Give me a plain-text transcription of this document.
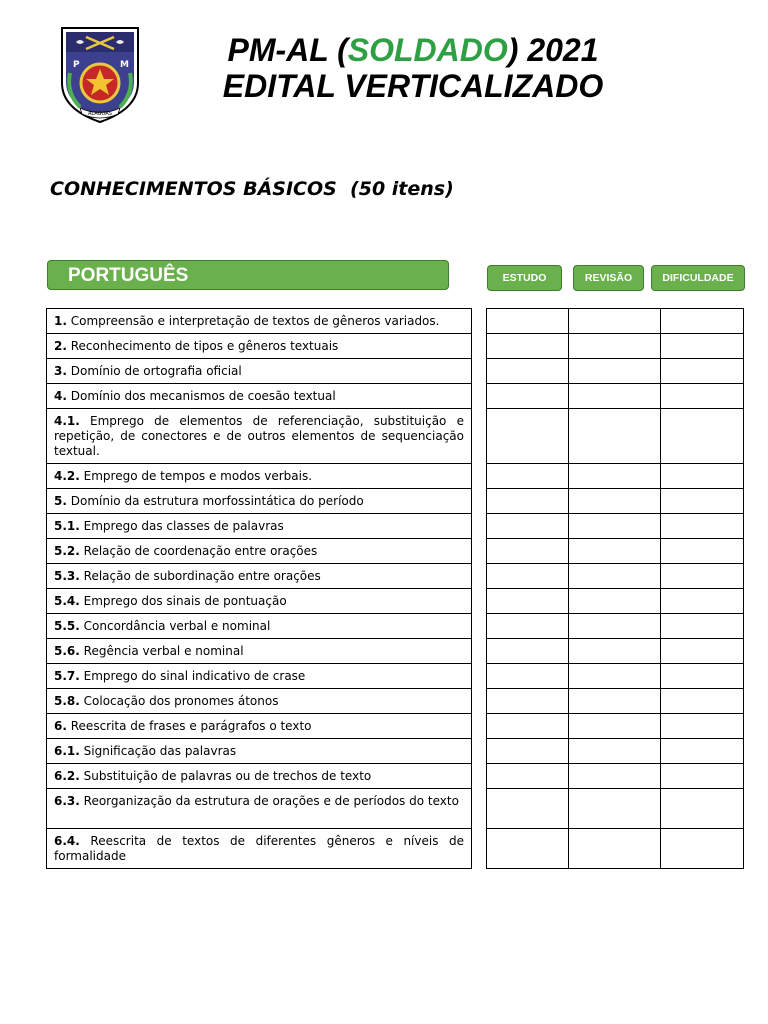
P	M
ALAGOAS
PM-AL (SOLDADO) 2021
EDITAL VERTICALIZADO
CONHECIMENTOS BÁSICOS  (50 itens)
PORTUGUÊS	ESTUDO	REVISÃO	DIFICULDADE
1. Compreensão e interpretação de textos de gêneros variados.				
2. Reconhecimento de tipos e gêneros textuais				
3. Domínio de ortografia oficial				
4. Domínio dos mecanismos de coesão textual				
4.1. Emprego de elementos de referenciação, substituição e repetição, de conectores e de outros elementos de sequenciação textual.				
4.2. Emprego de tempos e modos verbais.				
5. Domínio da estrutura morfossintática do período				
5.1. Emprego das classes de palavras				
5.2. Relação de coordenação entre orações				
5.3. Relação de subordinação entre orações				
5.4. Emprego dos sinais de pontuação				
5.5. Concordância verbal e nominal				
5.6. Regência verbal e nominal				
5.7. Emprego do sinal indicativo de crase				
5.8. Colocação dos pronomes átonos				
6. Reescrita de frases e parágrafos o texto				
6.1. Significação das palavras				
6.2. Substituição de palavras ou de trechos de texto				
6.3. Reorganização da estrutura de orações e de períodos do texto				
6.4. Reescrita de textos de diferentes gêneros e níveis de formalidade				
